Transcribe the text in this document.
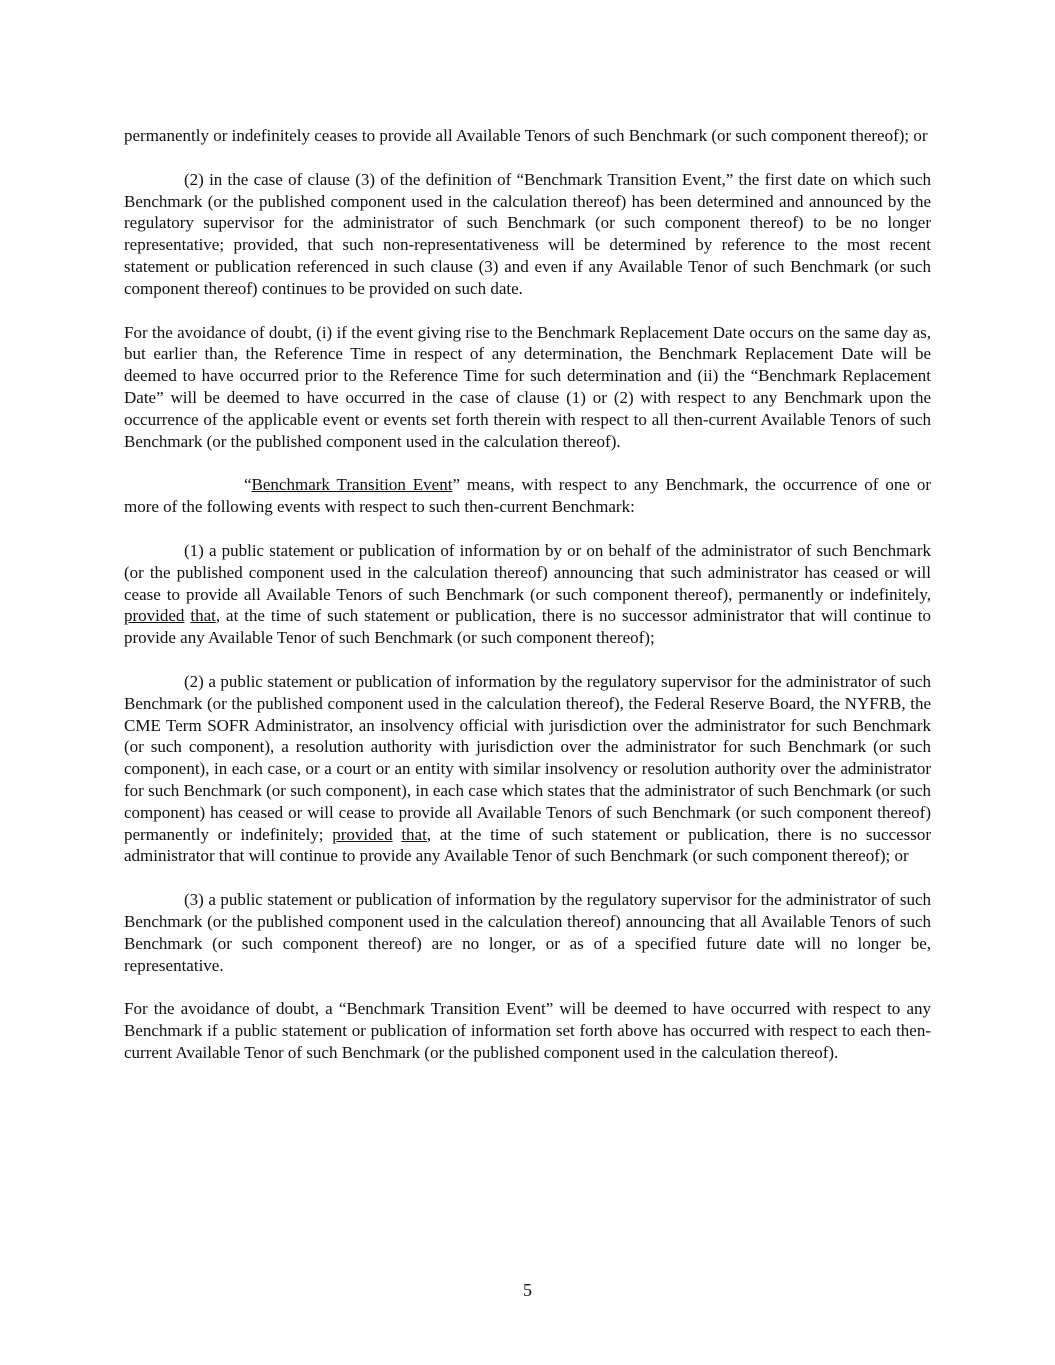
permanently or indefinitely ceases to provide all Available Tenors of such Benchmark (or such component thereof); or

(2) in the case of clause (3) of the definition of “Benchmark Transition Event,” the first date on which such Benchmark (or the published component used in the calculation thereof) has been determined and announced by the regulatory supervisor for the administrator of such Benchmark (or such component thereof) to be no longer representative; provided, that such non-representativeness will be determined by reference to the most recent statement or publication referenced in such clause (3) and even if any Available Tenor of such Benchmark (or such component thereof) continues to be provided on such date.

For the avoidance of doubt, (i) if the event giving rise to the Benchmark Replacement Date occurs on the same day as, but earlier than, the Reference Time in respect of any determination, the Benchmark Replacement Date will be deemed to have occurred prior to the Reference Time for such determination and (ii) the “Benchmark Replacement Date” will be deemed to have occurred in the case of clause (1) or (2) with respect to any Benchmark upon the occurrence of the applicable event or events set forth therein with respect to all then-current Available Tenors of such Benchmark (or the published component used in the calculation thereof).

“Benchmark Transition Event” means, with respect to any Benchmark, the occurrence of one or more of the following events with respect to such then-current Benchmark:

(1) a public statement or publication of information by or on behalf of the administrator of such Benchmark (or the published component used in the calculation thereof) announcing that such administrator has ceased or will cease to provide all Available Tenors of such Benchmark (or such component thereof), permanently or indefinitely, provided that, at the time of such statement or publication, there is no successor administrator that will continue to provide any Available Tenor of such Benchmark (or such component thereof);

(2) a public statement or publication of information by the regulatory supervisor for the administrator of such Benchmark (or the published component used in the calculation thereof), the Federal Reserve Board, the NYFRB, the CME Term SOFR Administrator, an insolvency official with jurisdiction over the administrator for such Benchmark (or such component), a resolution authority with jurisdiction over the administrator for such Benchmark (or such component), in each case, or a court or an entity with similar insolvency or resolution authority over the administrator for such Benchmark (or such component), in each case which states that the administrator of such Benchmark (or such component) has ceased or will cease to provide all Available Tenors of such Benchmark (or such component thereof) permanently or indefinitely; provided that, at the time of such statement or publication, there is no successor administrator that will continue to provide any Available Tenor of such Benchmark (or such component thereof); or

(3) a public statement or publication of information by the regulatory supervisor for the administrator of such Benchmark (or the published component used in the calculation thereof) announcing that all Available Tenors of such Benchmark (or such component thereof) are no longer, or as of a specified future date will no longer be, representative.

For the avoidance of doubt, a “Benchmark Transition Event” will be deemed to have occurred with respect to any Benchmark if a public statement or publication of information set forth above has occurred with respect to each then-current Available Tenor of such Benchmark (or the published component used in the calculation thereof).

5
